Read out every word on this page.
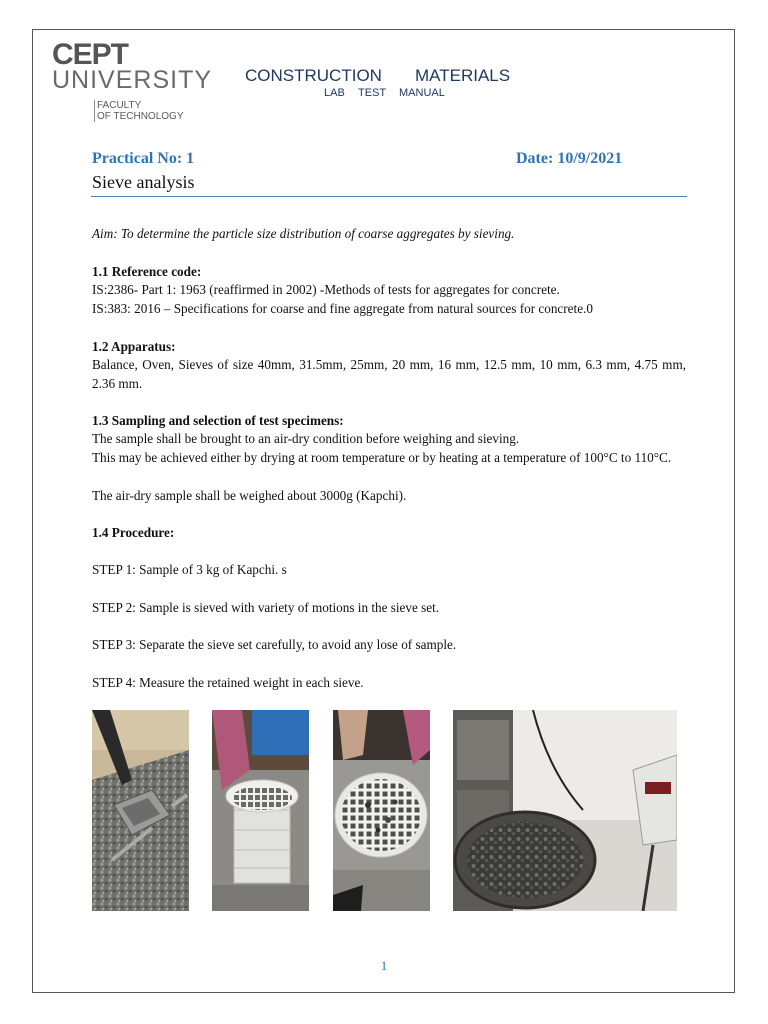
CEPT
UNIVERSITY
FACULTY
OF TECHNOLOGY
CONSTRUCTION MATERIALS
LAB TEST MANUAL
Practical No: 1	Date: 10/9/2021
Sieve analysis
Aim: To determine the particle size distribution of coarse aggregates by sieving.
1.1 Reference code:
IS:2386- Part 1: 1963 (reaffirmed in 2002) -Methods of tests for aggregates for concrete.
IS:383: 2016 – Specifications for coarse and fine aggregate from natural sources for concrete.0
1.2 Apparatus:
Balance, Oven, Sieves of size 40mm, 31.5mm, 25mm, 20 mm, 16 mm, 12.5 mm, 10 mm, 6.3 mm, 4.75 mm, 2.36 mm.
1.3 Sampling and selection of test specimens:
The sample shall be brought to an air-dry condition before weighing and sieving.
This may be achieved either by drying at room temperature or by heating at a temperature of 100°C to 110°C.
The air-dry sample shall be weighed about 3000g (Kapchi).
1.4 Procedure:
STEP 1: Sample of 3 kg of Kapchi. s
STEP 2: Sample is sieved with variety of motions in the sieve set.
STEP 3: Separate the sieve set carefully, to avoid any lose of sample.
STEP 4: Measure the retained weight in each sieve.
1
